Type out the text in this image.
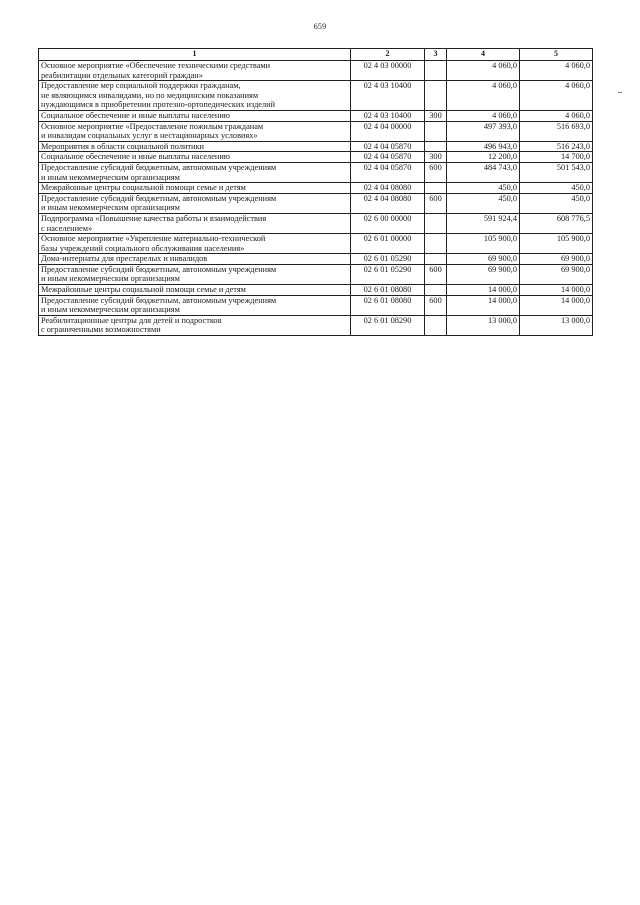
659
1	2	3	4	5
Основное мероприятие «Обеспечение техническими средствами
реабилитации отдельных категорий граждан»	02 4 03 00000		4 060,0	4 060,0
Предоставление мер социальной поддержки гражданам,
не являющимся инвалидами, но по медицинским показаниям
нуждающимся в приобретении протезно-ортопедических изделий	02 4 03 10400		4 060,0	4 060,0
Социальное обеспечение и иные выплаты населению	02 4 03 10400	300	4 060,0	4 060,0
Основное мероприятие «Предоставление пожилым гражданам
и инвалидам социальных услуг в нестационарных условиях»	02 4 04 00000		497 393,0	516 693,0
Мероприятия в области социальной политики	02 4 04 05870		496 943,0	516 243,0
Социальное обеспечение и иные выплаты населению	02 4 04 05870	300	12 200,0	14 700,0
Предоставление субсидий бюджетным, автономным учреждениям
и иным некоммерческим организациям	02 4 04 05870	600	484 743,0	501 543,0
Межрайонные центры социальной помощи семье и детям	02 4 04 08080		450,0	450,0
Предоставление субсидий бюджетным, автономным учреждениям
и иным некоммерческим организациям	02 4 04 08080	600	450,0	450,0
Подпрограмма «Повышение качества работы и взаимодействия
с населением»	02 6 00 00000		591 924,4	608 776,5
Основное мероприятие «Укрепление материально-технической
базы учреждений социального обслуживания населения»	02 6 01 00000		105 900,0	105 900,0
Дома-интернаты для престарелых и инвалидов	02 6 01 05290		69 900,0	69 900,0
Предоставление субсидий бюджетным, автономным учреждениям
и иным некоммерческим организациям	02 6 01 05290	600	69 900,0	69 900,0
Межрайонные центры социальной помощи семье и детям	02 6 01 08080		14 000,0	14 000,0
Предоставление субсидий бюджетным, автономным учреждениям
и иным некоммерческим организациям	02 6 01 08080	600	14 000,0	14 000,0
Реабилитационные центры для детей и подростков
с ограниченными возможностями	02 6 01 08290		13 000,0	13 000,0
